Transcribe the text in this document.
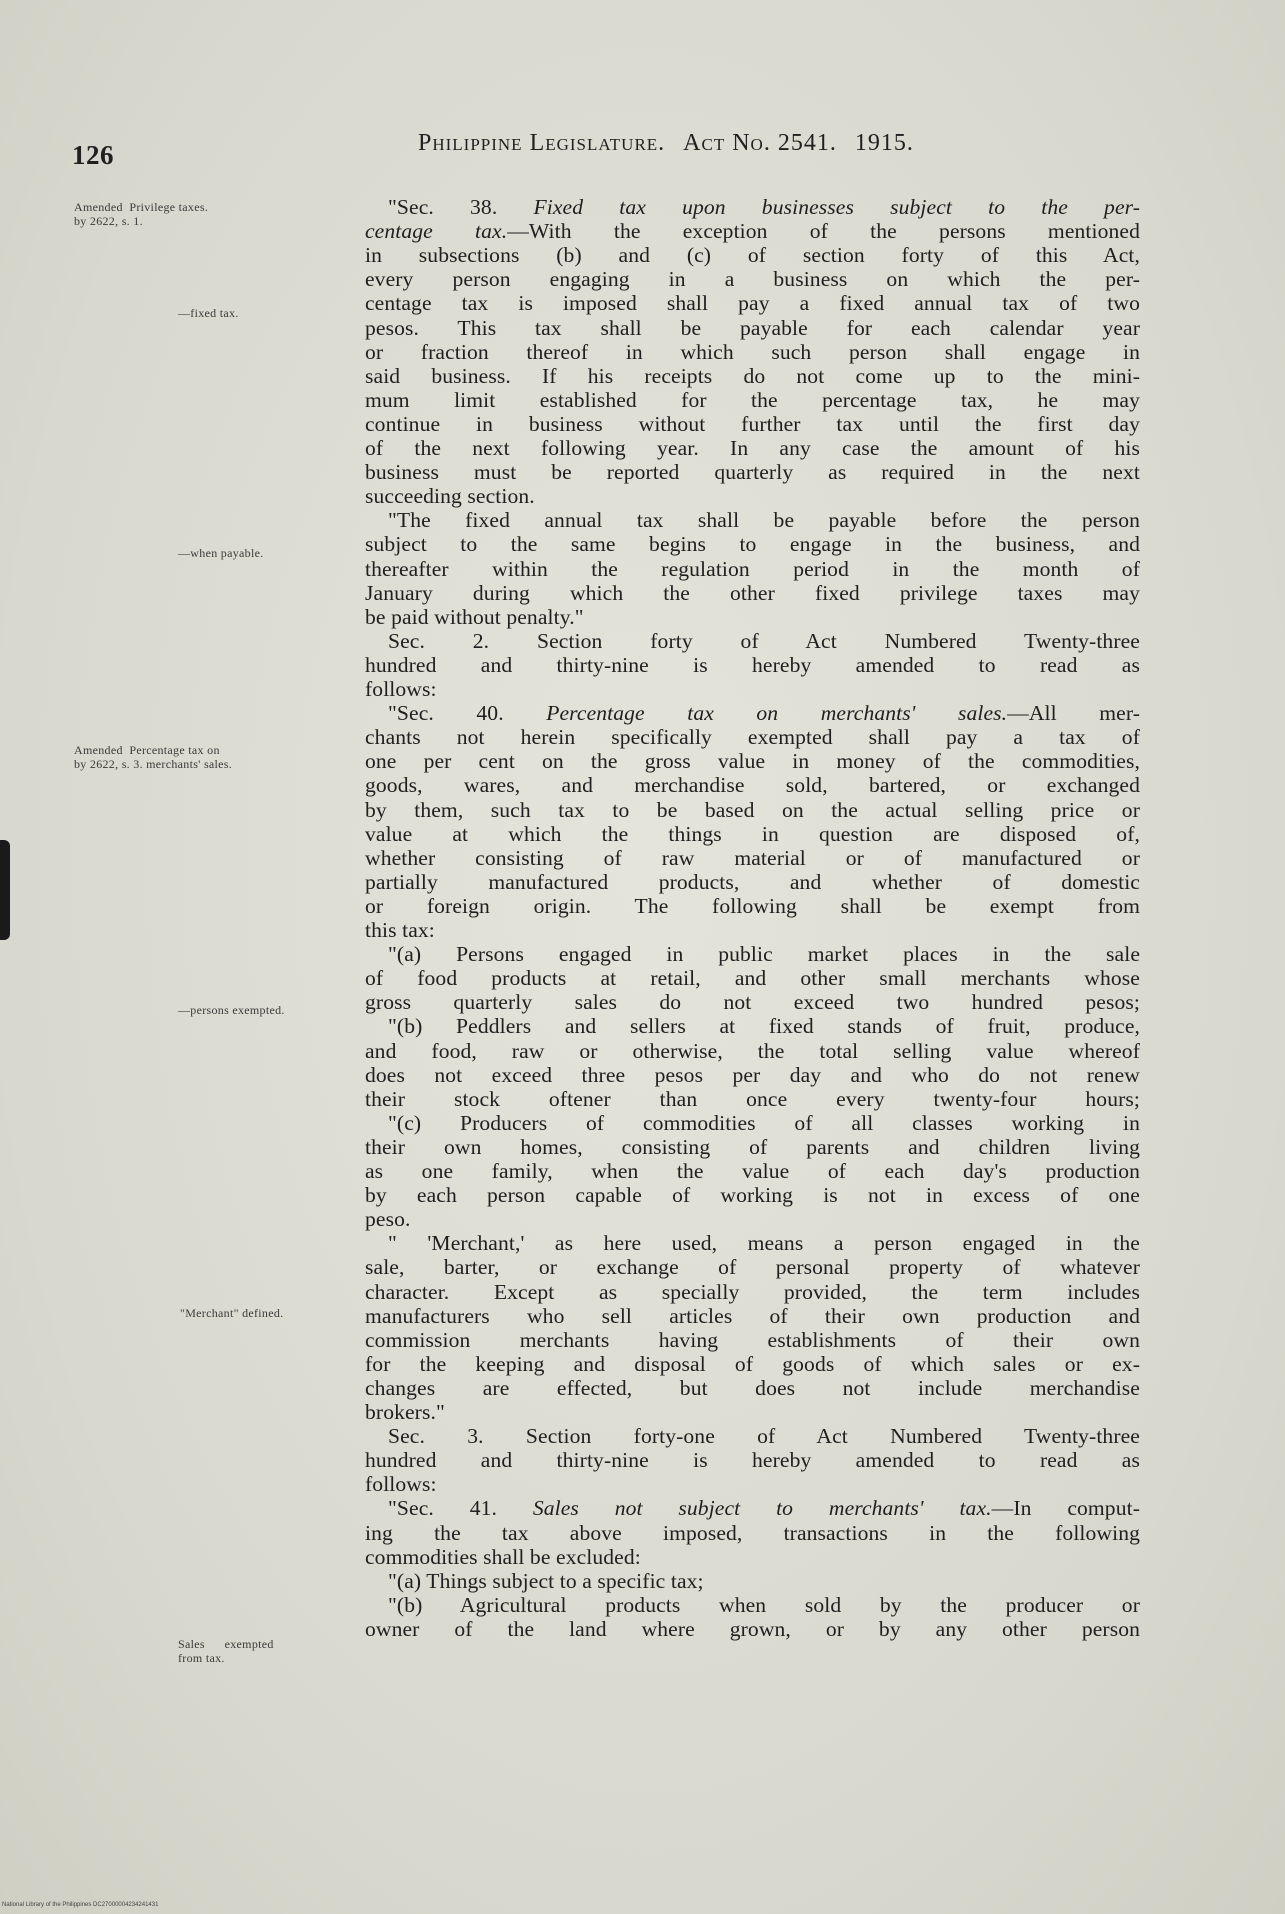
126	Philippine Legislature. Act No. 2541. 1915.
Amended  Privilege taxes.
by 2622, s. 1.
—fixed tax.
—when payable.
Amended  Percentage tax on
by 2622, s. 3. merchants' sales.
—persons exempted.
"Merchant" defined.
Sales      exempted
from tax.
"Sec. 38. Fixed tax upon businesses subject to the per-
centage tax.—With the exception of the persons mentioned
in subsections (b) and (c) of section forty of this Act,
every person engaging in a business on which the per-
centage tax is imposed shall pay a fixed annual tax of two
pesos. This tax shall be payable for each calendar year
or fraction thereof in which such person shall engage in
said business. If his receipts do not come up to the mini-
mum limit established for the percentage tax, he may
continue in business without further tax until the first day
of the next following year. In any case the amount of his
business must be reported quarterly as required in the next
succeeding section.
"The fixed annual tax shall be payable before the person
subject to the same begins to engage in the business, and
thereafter within the regulation period in the month of
January during which the other fixed privilege taxes may
be paid without penalty."
Sec. 2. Section forty of Act Numbered Twenty-three
hundred and thirty-nine is hereby amended to read as
follows:
"Sec. 40. Percentage tax on merchants' sales.—All mer-
chants not herein specifically exempted shall pay a tax of
one per cent on the gross value in money of the commodities,
goods, wares, and merchandise sold, bartered, or exchanged
by them, such tax to be based on the actual selling price or
value at which the things in question are disposed of,
whether consisting of raw material or of manufactured or
partially manufactured products, and whether of domestic
or foreign origin. The following shall be exempt from
this tax:
"(a) Persons engaged in public market places in the sale
of food products at retail, and other small merchants whose
gross quarterly sales do not exceed two hundred pesos;
"(b) Peddlers and sellers at fixed stands of fruit, produce,
and food, raw or otherwise, the total selling value whereof
does not exceed three pesos per day and who do not renew
their stock oftener than once every twenty-four hours;
"(c) Producers of commodities of all classes working in
their own homes, consisting of parents and children living
as one family, when the value of each day's production
by each person capable of working is not in excess of one
peso.
" 'Merchant,' as here used, means a person engaged in the
sale, barter, or exchange of personal property of whatever
character. Except as specially provided, the term includes
manufacturers who sell articles of their own production and
commission merchants having establishments of their own
for the keeping and disposal of goods of which sales or ex-
changes are effected, but does not include merchandise
brokers."
Sec. 3. Section forty-one of Act Numbered Twenty-three
hundred and thirty-nine is hereby amended to read as
follows:
"Sec. 41. Sales not subject to merchants' tax.—In comput-
ing the tax above imposed, transactions in the following
commodities shall be excluded:
"(a) Things subject to a specific tax;
"(b) Agricultural products when sold by the producer or
owner of the land where grown, or by any other person
National Library of the Philippines DC27000004234241431
